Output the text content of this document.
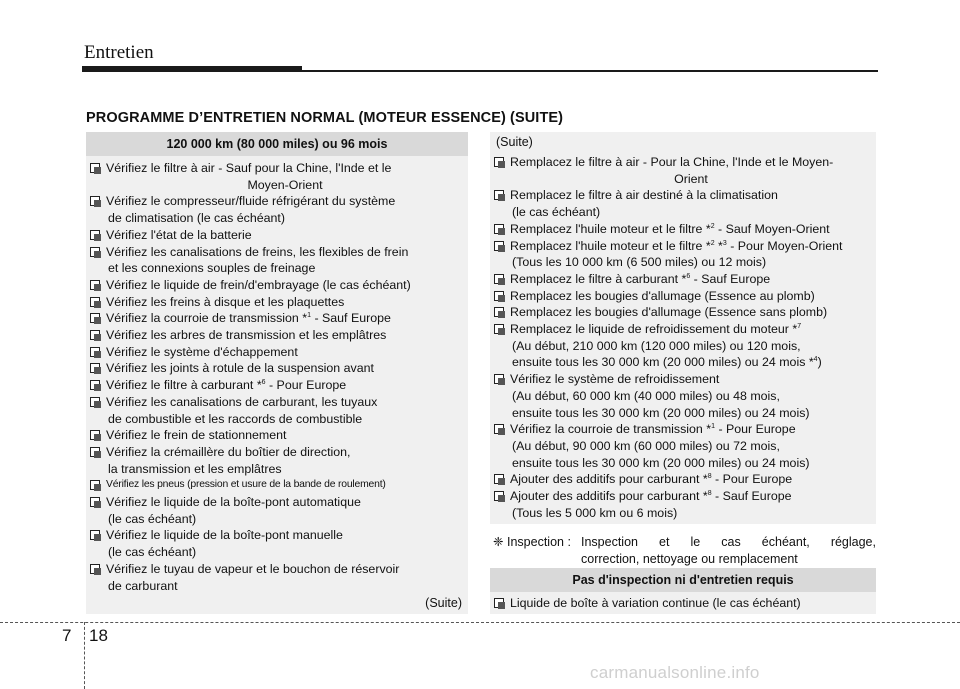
Entretien
PROGRAMME D’ENTRETIEN NORMAL (MOTEUR ESSENCE) (SUITE)
120 000 km (80 000 miles) ou 96 mois
Vérifiez le filtre à air - Sauf pour la Chine, l'Inde et le
Moyen-Orient
Vérifiez le compresseur/fluide réfrigérant du système
de climatisation (le cas échéant)
Vérifiez l'état de la batterie
Vérifiez les canalisations de freins, les flexibles de frein
et les connexions souples de freinage
Vérifiez le liquide de frein/d'embrayage (le cas échéant)
Vérifiez les freins à disque et les plaquettes
Vérifiez la courroie de transmission *$^1$ - Sauf Europe
Vérifiez les arbres de transmission et les emplâtres
Vérifiez le système d'échappement
Vérifiez les joints à rotule de la suspension avant
Vérifiez le filtre à carburant *$^6$ - Pour Europe
Vérifiez les canalisations de carburant, les tuyaux
de combustible et les raccords de combustible
Vérifiez le frein de stationnement
Vérifiez la crémaillère du boîtier de direction,
la transmission et les emplâtres
Vérifiez les pneus (pression et usure de la bande de roulement)
Vérifiez le liquide de la boîte-pont automatique
(le cas échéant)
Vérifiez le liquide de la boîte-pont manuelle
(le cas échéant)
Vérifiez le tuyau de vapeur et le bouchon de réservoir
de carburant
(Suite)
(Suite)
Remplacez le filtre à air - Pour la Chine, l'Inde et le Moyen-
Orient
Remplacez le filtre à air destiné à la climatisation
(le cas échéant)
Remplacez l'huile moteur et le filtre *$^2$ - Sauf Moyen-Orient
Remplacez l'huile moteur et le filtre *$^2$ *$^3$ - Pour Moyen-Orient
(Tous les 10 000 km (6 500 miles) ou 12 mois)
Remplacez le filtre à carburant *$^6$ - Sauf Europe
Remplacez les bougies d'allumage (Essence au plomb)
Remplacez les bougies d'allumage (Essence sans plomb)
Remplacez le liquide de refroidissement du moteur *$^7$
(Au début, 210 000 km (120 000 miles) ou 120 mois,
ensuite tous les 30 000 km (20 000 miles) ou 24 mois *$^4$)
Vérifiez le système de refroidissement
(Au début, 60 000 km (40 000 miles) ou 48 mois,
ensuite tous les 30 000 km (20 000 miles) ou 24 mois)
Vérifiez la courroie de transmission *$^1$ - Pour Europe
(Au début, 90 000 km (60 000 miles) ou 72 mois,
ensuite tous les 30 000 km (20 000 miles) ou 24 mois)
Ajouter des additifs pour carburant *$^8$ - Pour Europe
Ajouter des additifs pour carburant *$^8$ - Sauf Europe
(Tous les 5 000 km ou 6 mois)
❈ Inspection : Inspection et le cas échéant, réglage,
correction, nettoyage ou remplacement
Pas d'inspection ni d'entretien requis
Liquide de boîte à variation continue (le cas échéant)
7 18
carmanualsonline.info
